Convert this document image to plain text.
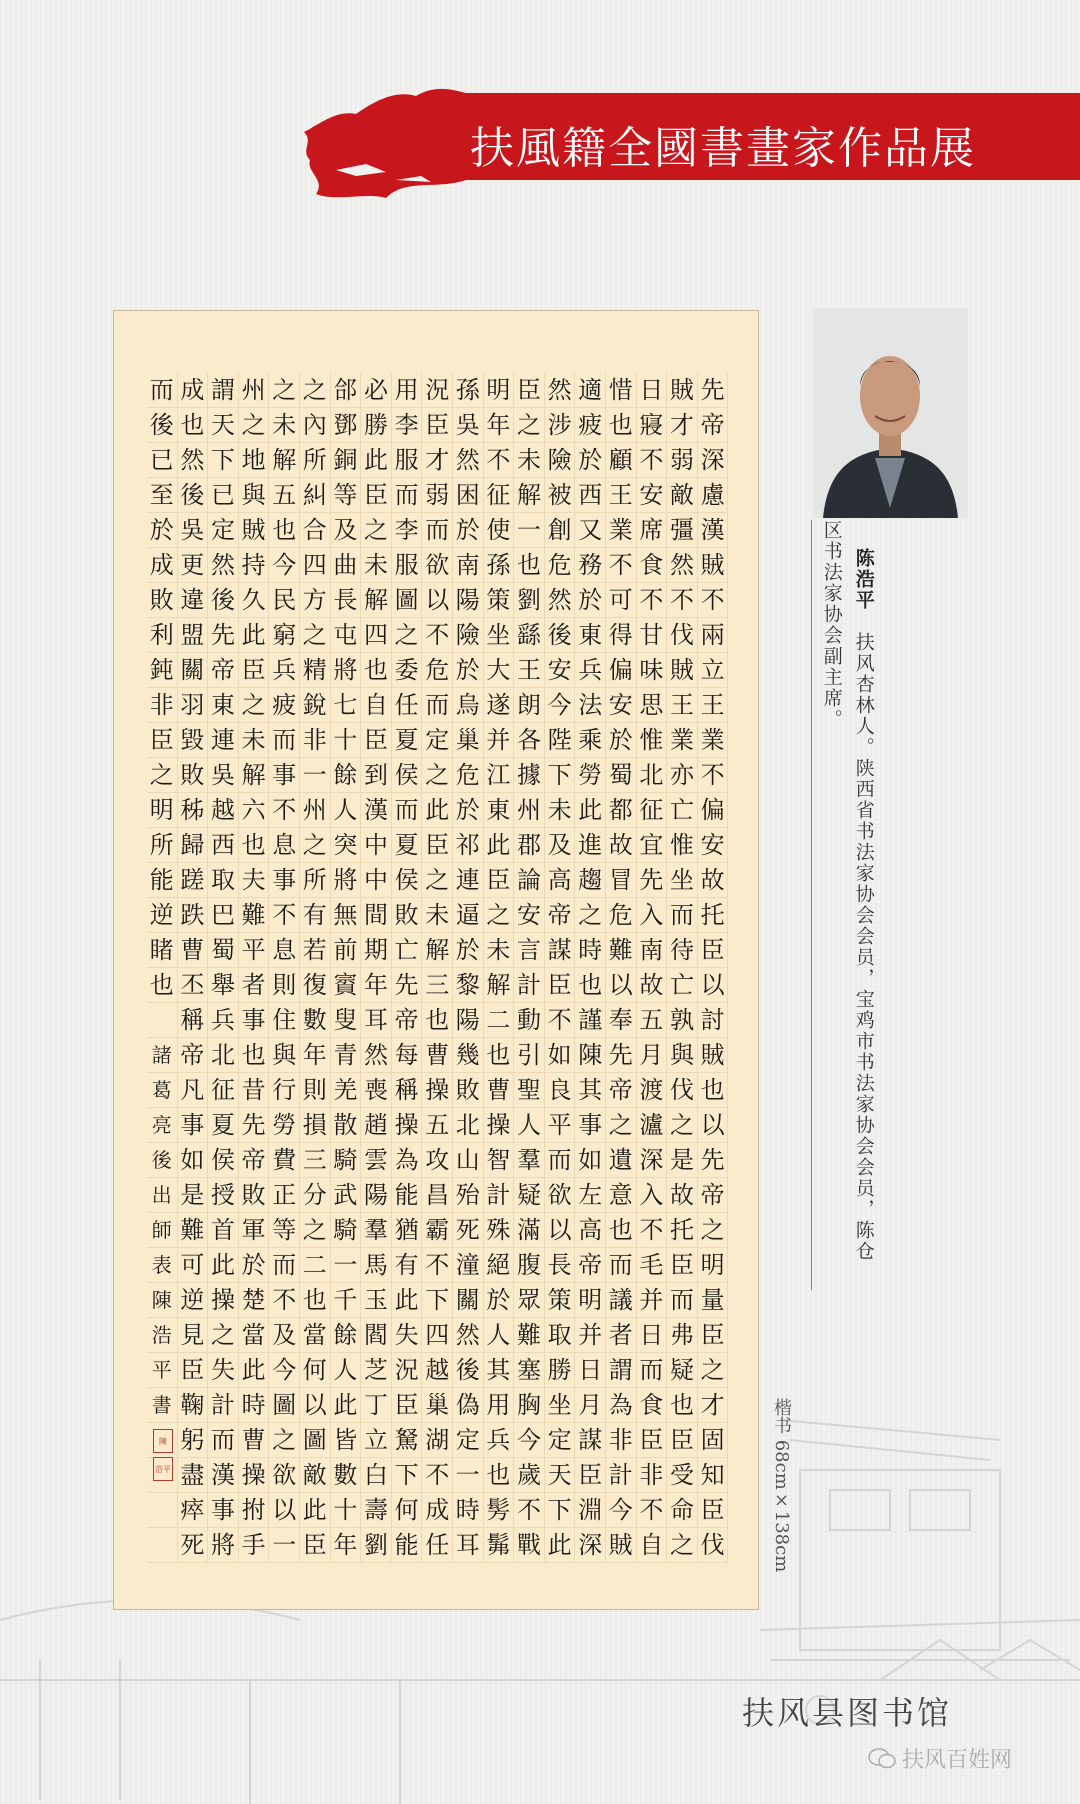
扶風籍全國書畫家作品展
先
帝
深
慮
漢
賊
不
兩
立
王
業
不
偏
安
故
托
臣
以
討
賊
也
以
先
帝
之
明
量
臣
之
才
固
知
臣
伐
賊
才
弱
敵
彊
然
不
伐
賊
王
業
亦
亡
惟
坐
而
待
亡
孰
與
伐
之
是
故
托
臣
而
弗
疑
也
臣
受
命
之
日
寢
不
安
席
食
不
甘
味
思
惟
北
征
宜
先
入
南
故
五
月
渡
瀘
深
入
不
毛
并
日
而
食
臣
非
不
自
惜
也
顧
王
業
不
可
得
偏
安
於
蜀
都
故
冒
危
難
以
奉
先
帝
之
遺
意
也
而
議
者
謂
為
非
計
今
賊
適
疲
於
西
又
務
於
東
兵
法
乘
勞
此
進
趨
之
時
也
謹
陳
其
事
如
左
高
帝
明
并
日
月
謀
臣
淵
深
然
涉
險
被
創
危
然
後
安
今
陛
下
未
及
高
帝
謀
臣
不
如
良
平
而
欲
以
長
策
取
勝
坐
定
天
下
此
臣
之
未
解
一
也
劉
繇
王
朗
各
據
州
郡
論
安
言
計
動
引
聖
人
羣
疑
滿
腹
眾
難
塞
胸
今
歲
不
戰
明
年
不
征
使
孫
策
坐
大
遂
并
江
東
此
臣
之
未
解
二
也
曹
操
智
計
殊
絕
於
人
其
用
兵
也
髣
髴
孫
吳
然
困
於
南
陽
險
於
烏
巢
危
於
祁
連
逼
於
黎
陽
幾
敗
北
山
殆
死
潼
關
然
後
偽
定
一
時
耳
況
臣
才
弱
而
欲
以
不
危
而
定
之
此
臣
之
未
解
三
也
曹
操
五
攻
昌
霸
不
下
四
越
巢
湖
不
成
任
用
李
服
而
李
服
圖
之
委
任
夏
侯
而
夏
侯
敗
亡
先
帝
每
稱
操
為
能
猶
有
此
失
況
臣
駑
下
何
能
必
勝
此
臣
之
未
解
四
也
自
臣
到
漢
中
中
間
期
年
耳
然
喪
趙
雲
陽
羣
馬
玉
閻
芝
丁
立
白
壽
劉
郃
鄧
銅
等
及
曲
長
屯
將
七
十
餘
人
突
將
無
前
賨
叟
青
羌
散
騎
武
騎
一
千
餘
人
此
皆
數
十
年
之
內
所
糾
合
四
方
之
精
銳
非
一
州
之
所
有
若
復
數
年
則
損
三
分
之
二
也
當
何
以
圖
敵
此
臣
之
未
解
五
也
今
民
窮
兵
疲
而
事
不
息
事
不
息
則
住
與
行
勞
費
正
等
而
不
及
今
圖
之
欲
以
一
州
之
地
與
賊
持
久
此
臣
之
未
解
六
也
夫
難
平
者
事
也
昔
先
帝
敗
軍
於
楚
當
此
時
曹
操
拊
手
謂
天
下
已
定
然
後
先
帝
東
連
吳
越
西
取
巴
蜀
舉
兵
北
征
夏
侯
授
首
此
操
之
失
計
而
漢
事
將
成
也
然
後
吳
更
違
盟
關
羽
毀
敗
秭
歸
蹉
跌
曹
丕
稱
帝
凡
事
如
是
難
可
逆
見
臣
鞠
躬
盡
瘁
死
而
後
已
至
於
成
敗
利
鈍
非
臣
之
明
所
能
逆
睹
也
諸
葛
亮
後
出
師
表
陳
浩
平
書
陳
浩平
陈浩平　扶风杏林人。陕西省书法家协会会员，宝鸡市书法家协会会员，陈仓
区书法家协会副主席。
楷书 68cm×138cm
扶风县图书馆
扶风百姓网
